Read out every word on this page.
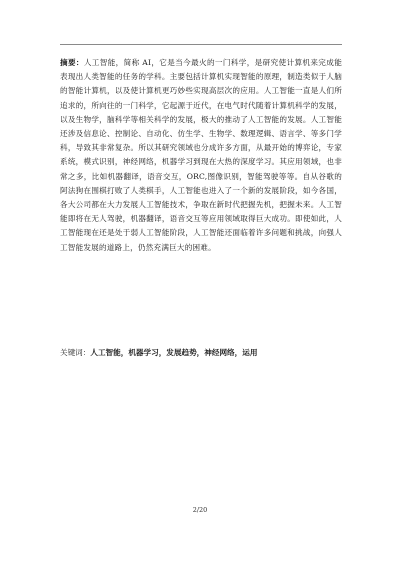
摘要：人工智能，简称 AI，它是当今最火的一门科学，是研究使计算机来完成能表现出人类智能的任务的学科。主要包括计算机实现智能的原理，制造类似于人脑的智能计算机，以及使计算机更巧妙些实现高层次的应用。人工智能一直是人们所追求的，所向往的一门科学，它起源于近代，在电气时代随着计算机科学的发展，以及生物学，脑科学等相关科学的发展，极大的推动了人工智能的发展。人工智能还涉及信息论、控制论、自动化、仿生学、生物学、数理逻辑、语言学、等多门学科，导致其非常复杂。所以其研究领域也分成许多方面，从最开始的博弈论，专家系统，模式识别，神经网络，机器学习到现在大热的深度学习。其应用领域，也非常之多，比如机器翻译，语音交互，ORC,图像识别，智能驾驶等等。自从谷歌的阿法狗在围棋打败了人类棋手，人工智能也进入了一个新的发展阶段，如今各国，各大公司都在大力发展人工智能技术，争取在新时代把握先机，把握未来。人工智能即将在无人驾驶，机器翻译，语音交互等应用领域取得巨大成功。即使如此，人工智能现在还是处于弱人工智能阶段，人工智能还面临着许多问题和挑战，向强人工智能发展的道路上，仍然充满巨大的困难。

关键词：人工智能，机器学习，发展趋势，神经网络，运用

2/20
